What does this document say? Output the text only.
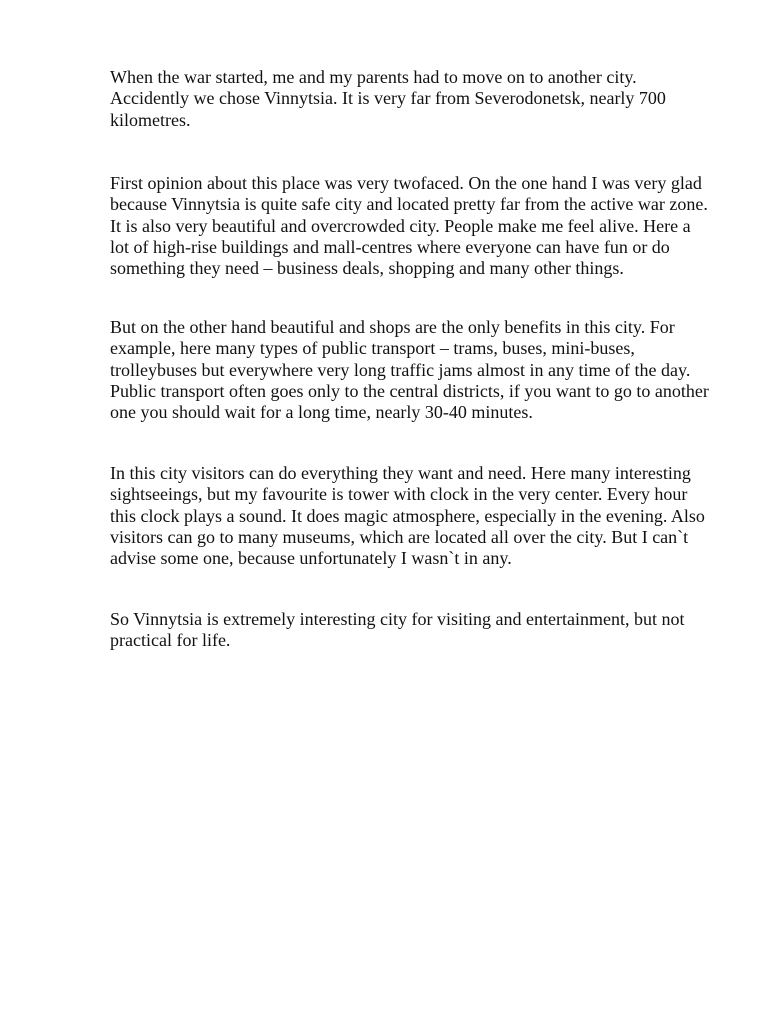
When the war started, me and my parents had to move on to another city.
Accidently we chose Vinnytsia. It is very far from Severodonetsk, nearly 700
kilometres.

First opinion about this place was very twofaced. On the one hand I was very glad
because Vinnytsia is quite safe city and located pretty far from the active war zone.
It is also very beautiful and overcrowded city. People make me feel alive. Here a
lot of high-rise buildings and mall-centres where everyone can have fun or do
something they need – business deals, shopping and many other things.

But on the other hand beautiful and shops are the only benefits in this city. For
example, here many types of public transport – trams, buses, mini-buses,
trolleybuses but everywhere very long traffic jams almost in any time of the day.
Public transport often goes only to the central districts, if you want to go to another
one you should wait for a long time, nearly 30-40 minutes.

In this city visitors can do everything they want and need. Here many interesting
sightseeings, but my favourite is tower with clock in the very center. Every hour
this clock plays a sound. It does magic atmosphere, especially in the evening. Also
visitors can go to many museums, which are located all over the city. But I can`t
advise some one, because unfortunately I wasn`t in any.

So Vinnytsia is extremely interesting city for visiting and entertainment, but not
practical for life.
